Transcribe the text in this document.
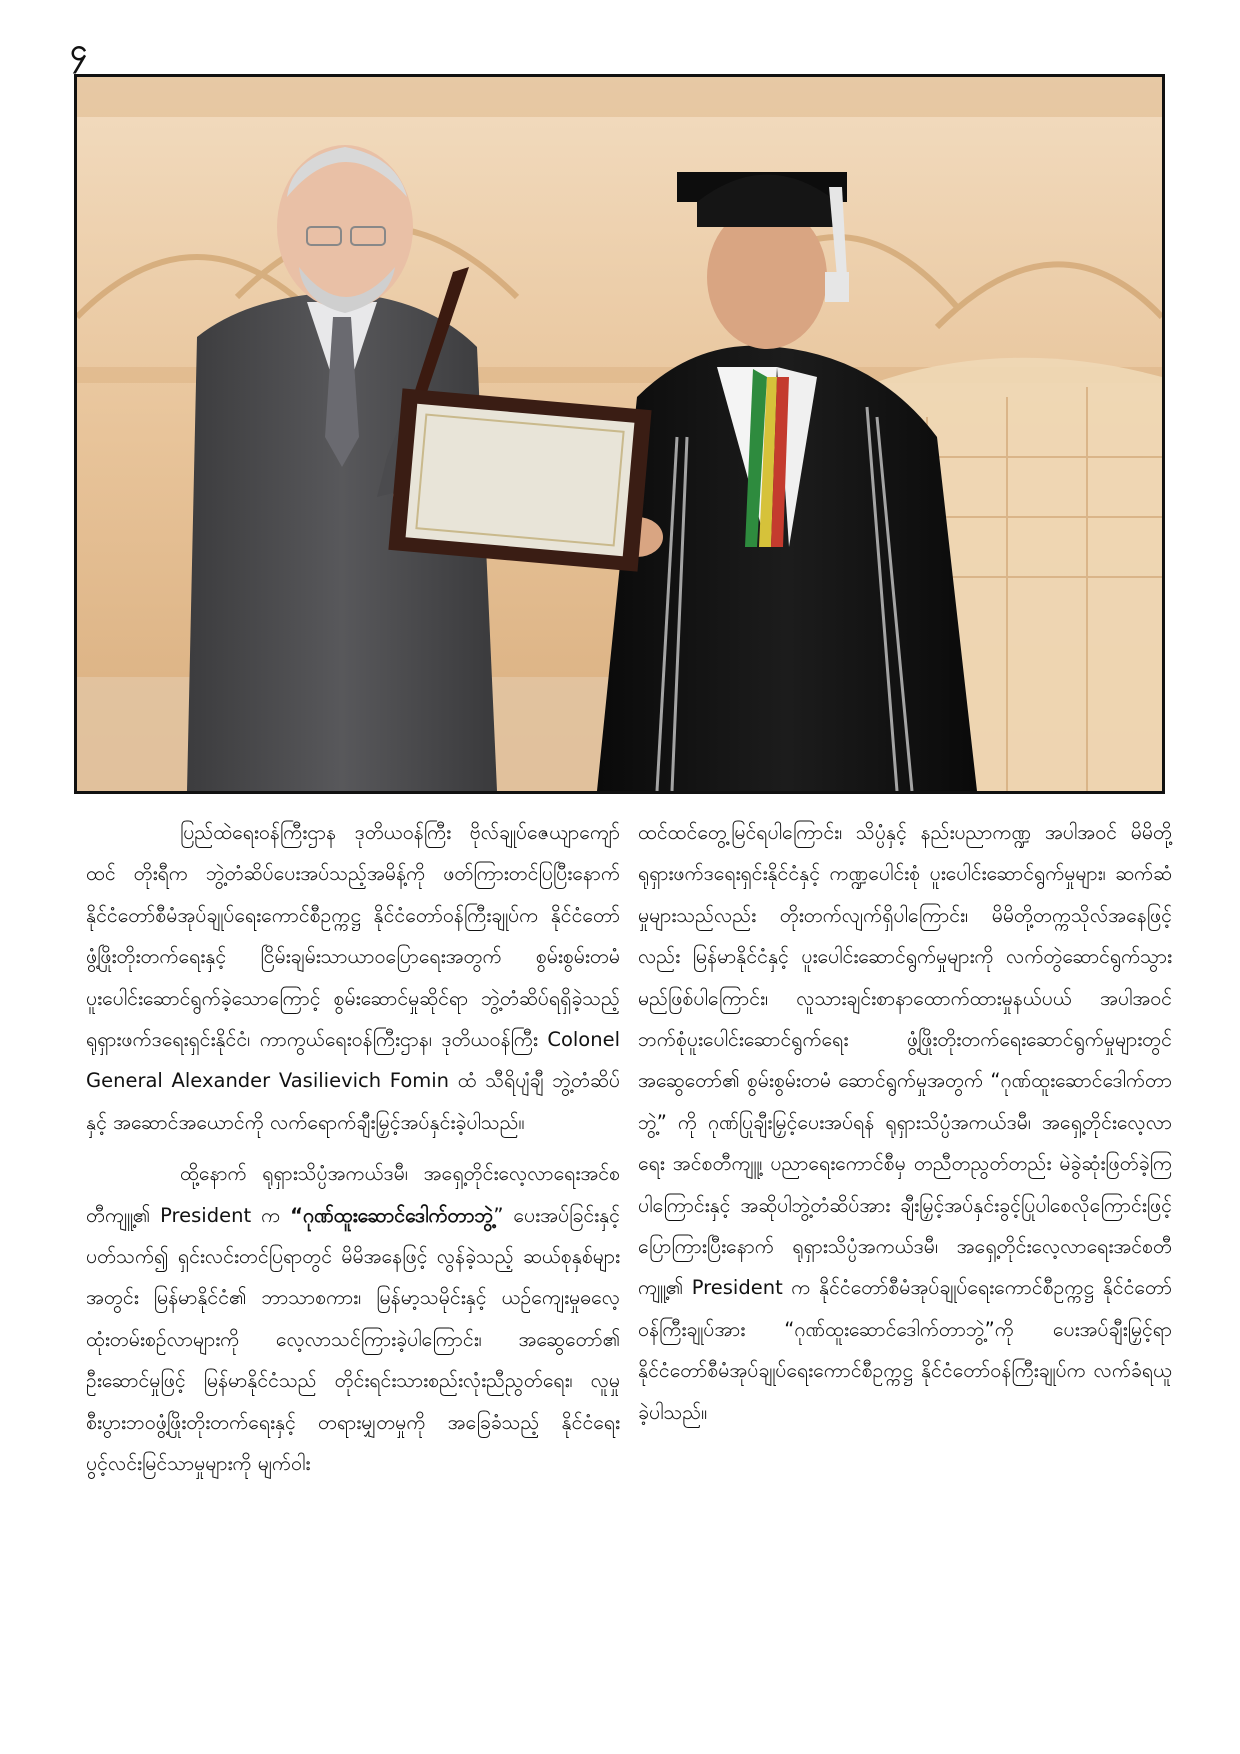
၄

ပြည်ထဲရေးဝန်ကြီးဌာန ဒုတိယဝန်ကြီး ဗိုလ်ချုပ်ဇေယျာကျော်ထင် တိုးရီက ဘွဲ့တံဆိပ်ပေးအပ်သည့်အမိန့်ကို ဖတ်ကြားတင်ပြပြီးနောက် နိုင်ငံတော်စီမံအုပ်ချုပ်ရေးကောင်စီဥက္ကဋ္ဌ နိုင်ငံတော်ဝန်ကြီးချုပ်က နိုင်ငံတော်ဖွံ့ဖြိုးတိုးတက်ရေးနှင့် ငြိမ်းချမ်းသာယာဝပြောရေးအတွက် စွမ်းစွမ်းတမံ ပူးပေါင်းဆောင်ရွက်ခဲ့သောကြောင့် စွမ်းဆောင်မှုဆိုင်ရာ ဘွဲ့တံဆိပ်ရရှိခဲ့သည့် ရုရှားဖက်ဒရေးရှင်းနိုင်ငံ၊ ကာကွယ်ရေးဝန်ကြီးဌာန၊ ဒုတိယဝန်ကြီး Colonel General Alexander Vasilievich Fomin ထံ သီရိပျံချီ ဘွဲ့တံဆိပ်နှင့် အဆောင်အယောင်ကို လက်ရောက်ချီးမြှင့်အပ်နှင်းခဲ့ပါသည်။

ထို့နောက် ရုရှားသိပ္ပံအကယ်ဒမီ၊ အရှေ့တိုင်းလေ့လာရေးအင်စတီကျူ့၏ President က “ဂုဏ်ထူးဆောင်ဒေါက်တာဘွဲ့” ပေးအပ်ခြင်းနှင့်ပတ်သက်၍ ရှင်းလင်းတင်ပြရာတွင် မိမိအနေဖြင့် လွန်ခဲ့သည့် ဆယ်စုနှစ်များအတွင်း မြန်မာနိုင်ငံ၏ ဘာသာစကား၊ မြန်မာ့သမိုင်းနှင့် ယဉ်ကျေးမှုဓလေ့ထုံးတမ်းစဉ်လာများကို လေ့လာသင်ကြားခဲ့ပါကြောင်း၊ အဆွေတော်၏ ဦးဆောင်မှုဖြင့် မြန်မာနိုင်ငံသည် တိုင်းရင်းသားစည်းလုံးညီညွတ်ရေး၊ လူမှုစီးပွားဘဝဖွံ့ဖြိုးတိုးတက်ရေးနှင့် တရားမျှတမှုကို အခြေခံသည့် နိုင်ငံရေးပွင့်လင်းမြင်သာမှုများကို မျက်ဝါး

ထင်ထင်တွေ့မြင်ရပါကြောင်း၊ သိပ္ပံနှင့် နည်းပညာကဏ္ဍ အပါအဝင် မိမိတို့ရုရှားဖက်ဒရေးရှင်းနိုင်ငံနှင့် ကဏ္ဍပေါင်းစုံ ပူးပေါင်းဆောင်ရွက်မှုများ၊ ဆက်ဆံမှုများသည်လည်း တိုးတက်လျက်ရှိပါကြောင်း၊ မိမိတို့တက္ကသိုလ်အနေဖြင့်လည်း မြန်မာနိုင်ငံနှင့် ပူးပေါင်းဆောင်ရွက်မှုများကို လက်တွဲဆောင်ရွက်သွားမည်ဖြစ်ပါကြောင်း၊ လူသားချင်းစာနာထောက်ထားမှုနယ်ပယ် အပါအဝင် ဘက်စုံပူးပေါင်းဆောင်ရွက်ရေး ဖွံ့ဖြိုးတိုးတက်ရေးဆောင်ရွက်မှုများတွင် အဆွေတော်၏ စွမ်းစွမ်းတမံ ဆောင်ရွက်မှုအတွက် “ဂုဏ်ထူးဆောင်ဒေါက်တာဘွဲ့” ကို ဂုဏ်ပြုချီးမြှင့်ပေးအပ်ရန် ရုရှားသိပ္ပံအကယ်ဒမီ၊ အရှေ့တိုင်းလေ့လာရေး အင်စတီကျူ့၊ ပညာရေးကောင်စီမှ တညီတညွတ်တည်း မဲခွဲဆုံးဖြတ်ခဲ့ကြပါကြောင်းနှင့် အဆိုပါဘွဲ့တံဆိပ်အား ချီးမြှင့်အပ်နှင်းခွင့်ပြုပါစေလိုကြောင်းဖြင့် ပြောကြားပြီးနောက် ရုရှားသိပ္ပံအကယ်ဒမီ၊ အရှေ့တိုင်းလေ့လာရေးအင်စတီကျူ့၏ President က နိုင်ငံတော်စီမံအုပ်ချုပ်ရေးကောင်စီဥက္ကဋ္ဌ နိုင်ငံတော်ဝန်ကြီးချုပ်အား “ဂုဏ်ထူးဆောင်ဒေါက်တာဘွဲ့”ကို ပေးအပ်ချီးမြှင့်ရာ နိုင်ငံတော်စီမံအုပ်ချုပ်ရေးကောင်စီဥက္ကဋ္ဌ နိုင်ငံတော်ဝန်ကြီးချုပ်က လက်ခံရယူခဲ့ပါသည်။
